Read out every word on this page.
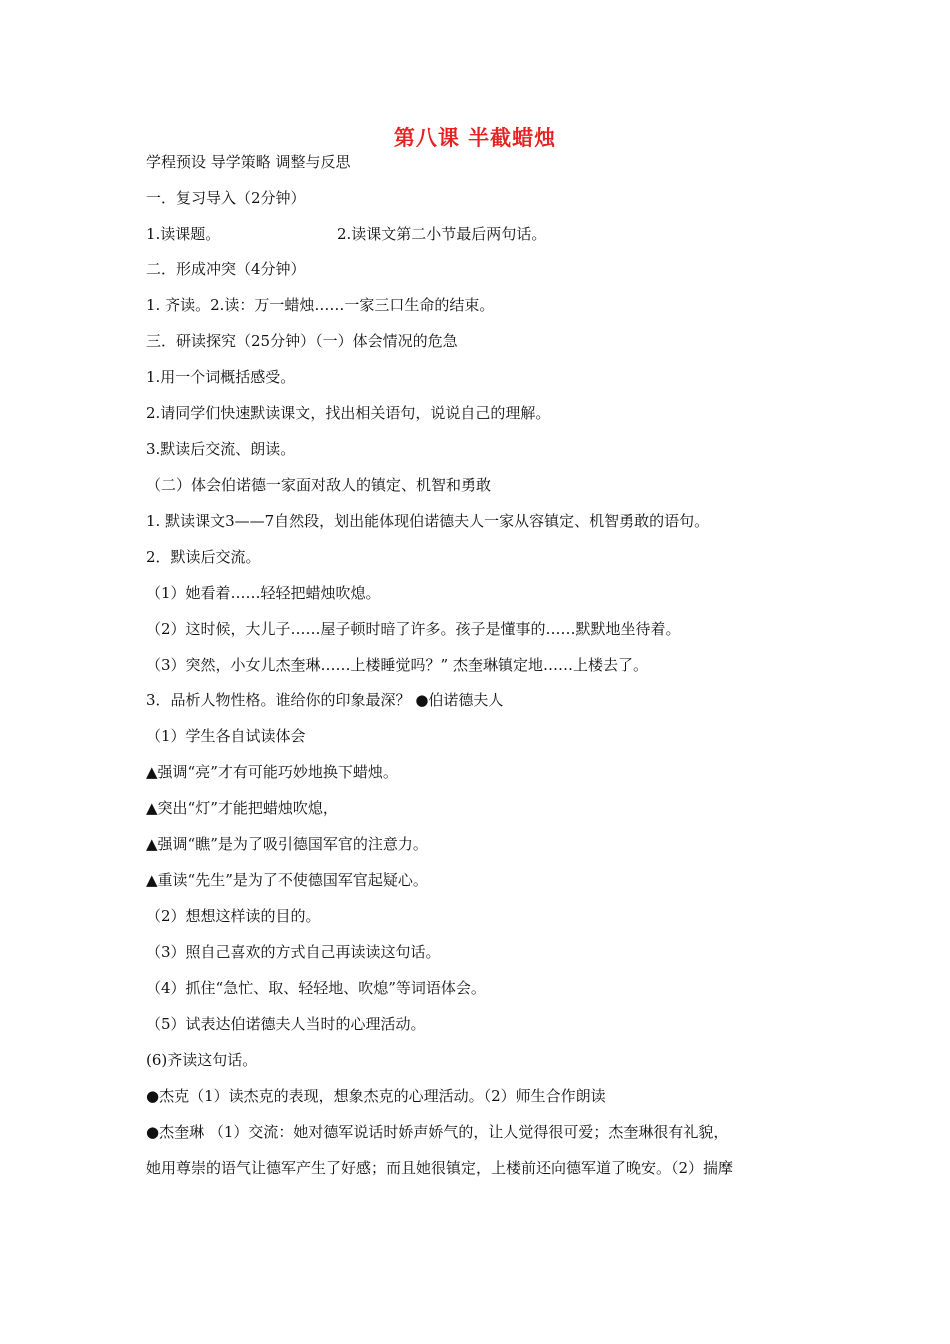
第八课 半截蜡烛
学程预设 导学策略 调整与反思
一．复习导入（2分钟）
1.读课题。	2.读课文第二小节最后两句话。
二．形成冲突（4分钟）
1. 齐读。2.读：万一蜡烛……一家三口生命的结束。
三．研读探究（25分钟）（一）体会情况的危急
1.用一个词概括感受。
2.请同学们快速默读课文，找出相关语句，说说自己的理解。
3.默读后交流、朗读。
（二）体会伯诺德一家面对敌人的镇定、机智和勇敢
1. 默读课文3——7自然段，划出能体现伯诺德夫人一家从容镇定、机智勇敢的语句。
2．默读后交流。
（1）她看着……轻轻把蜡烛吹熄。
（2）这时候，大儿子……屋子顿时暗了许多。孩子是懂事的……默默地坐待着。
（3）突然，小女儿杰奎琳……上楼睡觉吗？” 杰奎琳镇定地……上楼去了。
3．品析人物性格。谁给你的印象最深？ ●伯诺德夫人
（1）学生各自试读体会
▲强调“亮”才有可能巧妙地换下蜡烛。
▲突出“灯”才能把蜡烛吹熄，
▲强调“瞧”是为了吸引德国军官的注意力。
▲重读“先生”是为了不使德国军官起疑心。
（2）想想这样读的目的。
（3）照自己喜欢的方式自己再读读这句话。
（4）抓住“急忙、取、轻轻地、吹熄”等词语体会。
（5）试表达伯诺德夫人当时的心理活动。
(6)齐读这句话。
●杰克（1）读杰克的表现，想象杰克的心理活动。（2）师生合作朗读
●杰奎琳 （1）交流：她对德军说话时娇声娇气的，让人觉得很可爱；杰奎琳很有礼貌，
她用尊崇的语气让德军产生了好感；而且她很镇定，上楼前还向德军道了晚安。（2）揣摩
